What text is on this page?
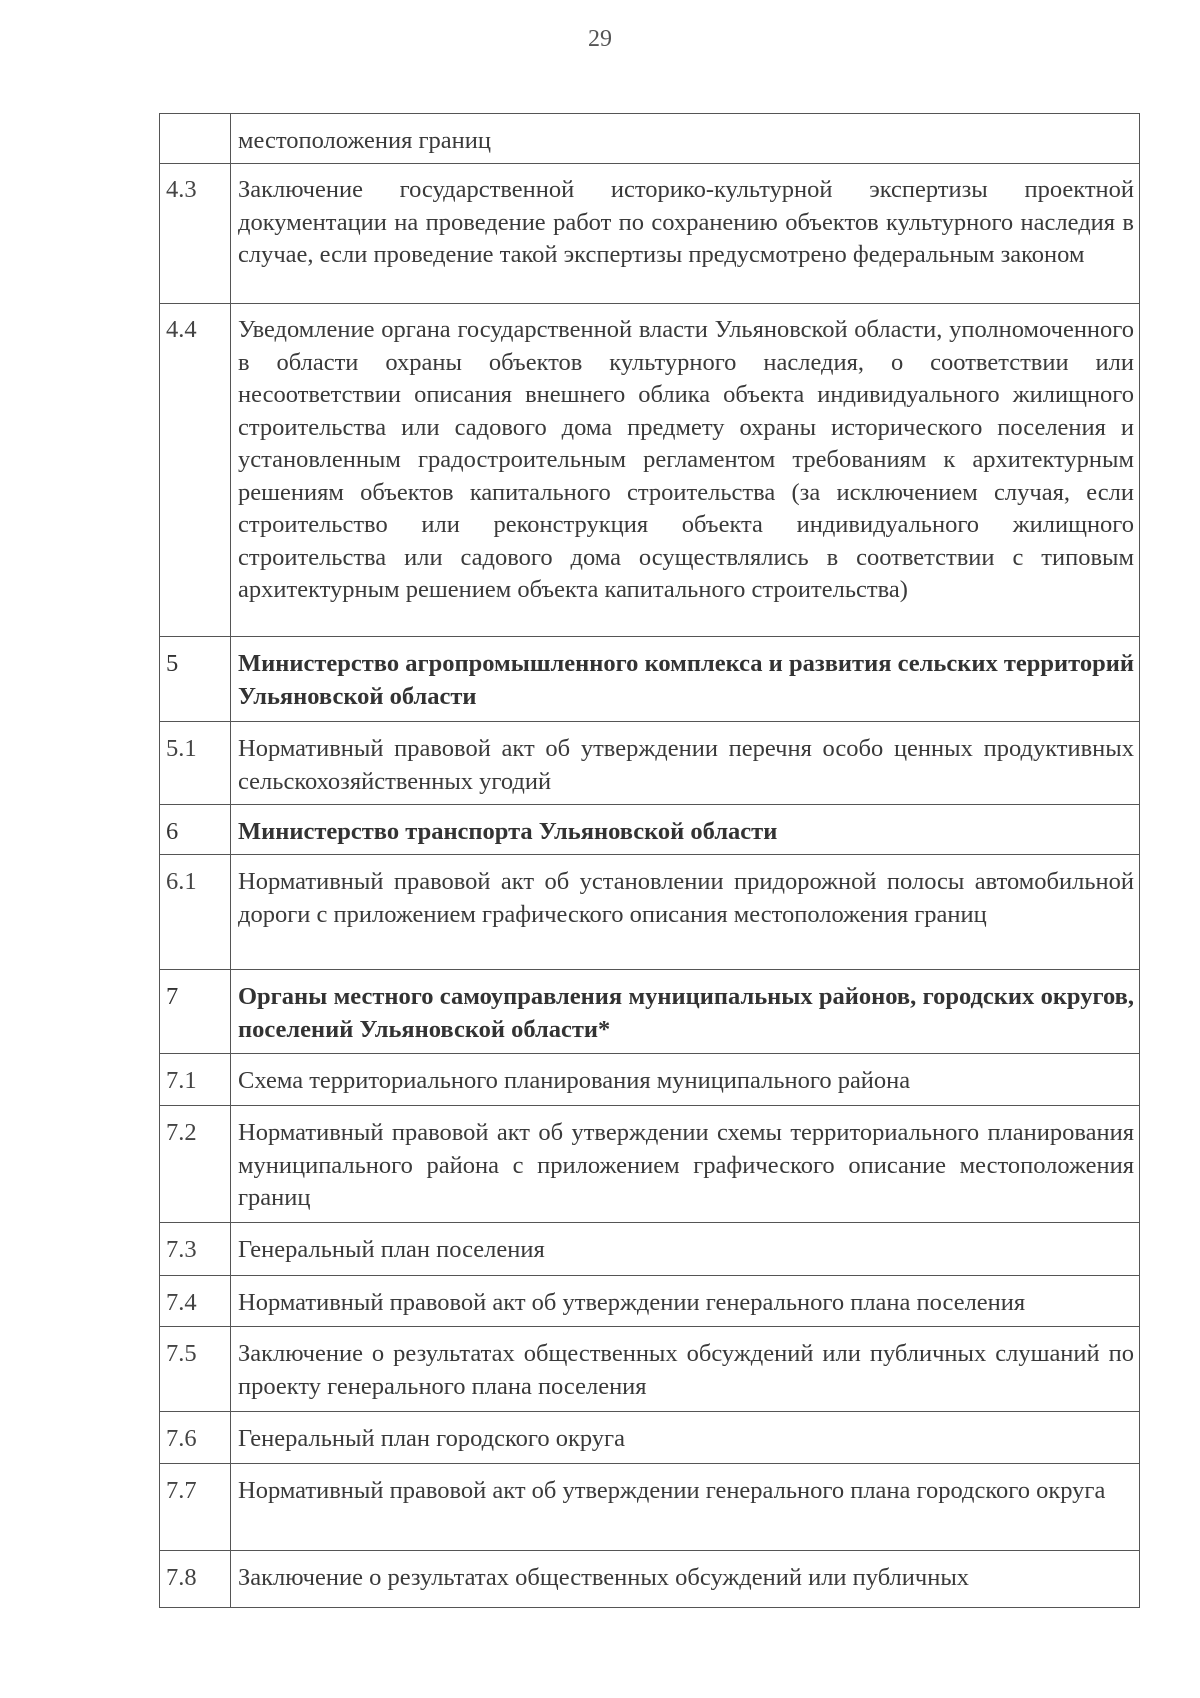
29
	местоположения границ
4.3	Заключение государственной историко-культурной экспертизы проектной документации на проведение работ по сохранению объектов культурного наследия в случае, если проведение такой экспертизы предусмотрено федеральным законом
4.4	Уведомление органа государственной власти Ульяновской области, уполномоченного в области охраны объектов культурного наследия, о соответствии или несоответствии описания внешнего облика объекта индивидуального жилищного строительства или садового дома предмету охраны исторического поселения и установленным градостроительным регламентом требованиям к архитектурным решениям объектов капитального строительства (за исключением случая, если строительство или реконструкция объекта индивидуального жилищного строительства или садового дома осуществлялись в соответствии с типовым архитектурным решением объекта капитального строительства)
5	Министерство агропромышленного комплекса и развития сельских территорий Ульяновской области
5.1	Нормативный правовой акт об утверждении перечня особо ценных продуктивных сельскохозяйственных угодий
6	Министерство транспорта Ульяновской области
6.1	Нормативный правовой акт об установлении придорожной полосы автомобильной дороги с приложением графического описания местоположения границ
7	Органы местного самоуправления муниципальных районов, городских округов, поселений Ульяновской области*
7.1	Схема территориального планирования муниципального района
7.2	Нормативный правовой акт об утверждении схемы территориального планирования муниципального района с приложением графического описание местоположения границ
7.3	Генеральный план поселения
7.4	Нормативный правовой акт об утверждении генерального плана поселения
7.5	Заключение о результатах общественных обсуждений или публичных слушаний по проекту генерального плана поселения
7.6	Генеральный план городского округа
7.7	Нормативный правовой акт об утверждении генерального плана городского округа
7.8	Заключение о результатах общественных обсуждений или публичных
